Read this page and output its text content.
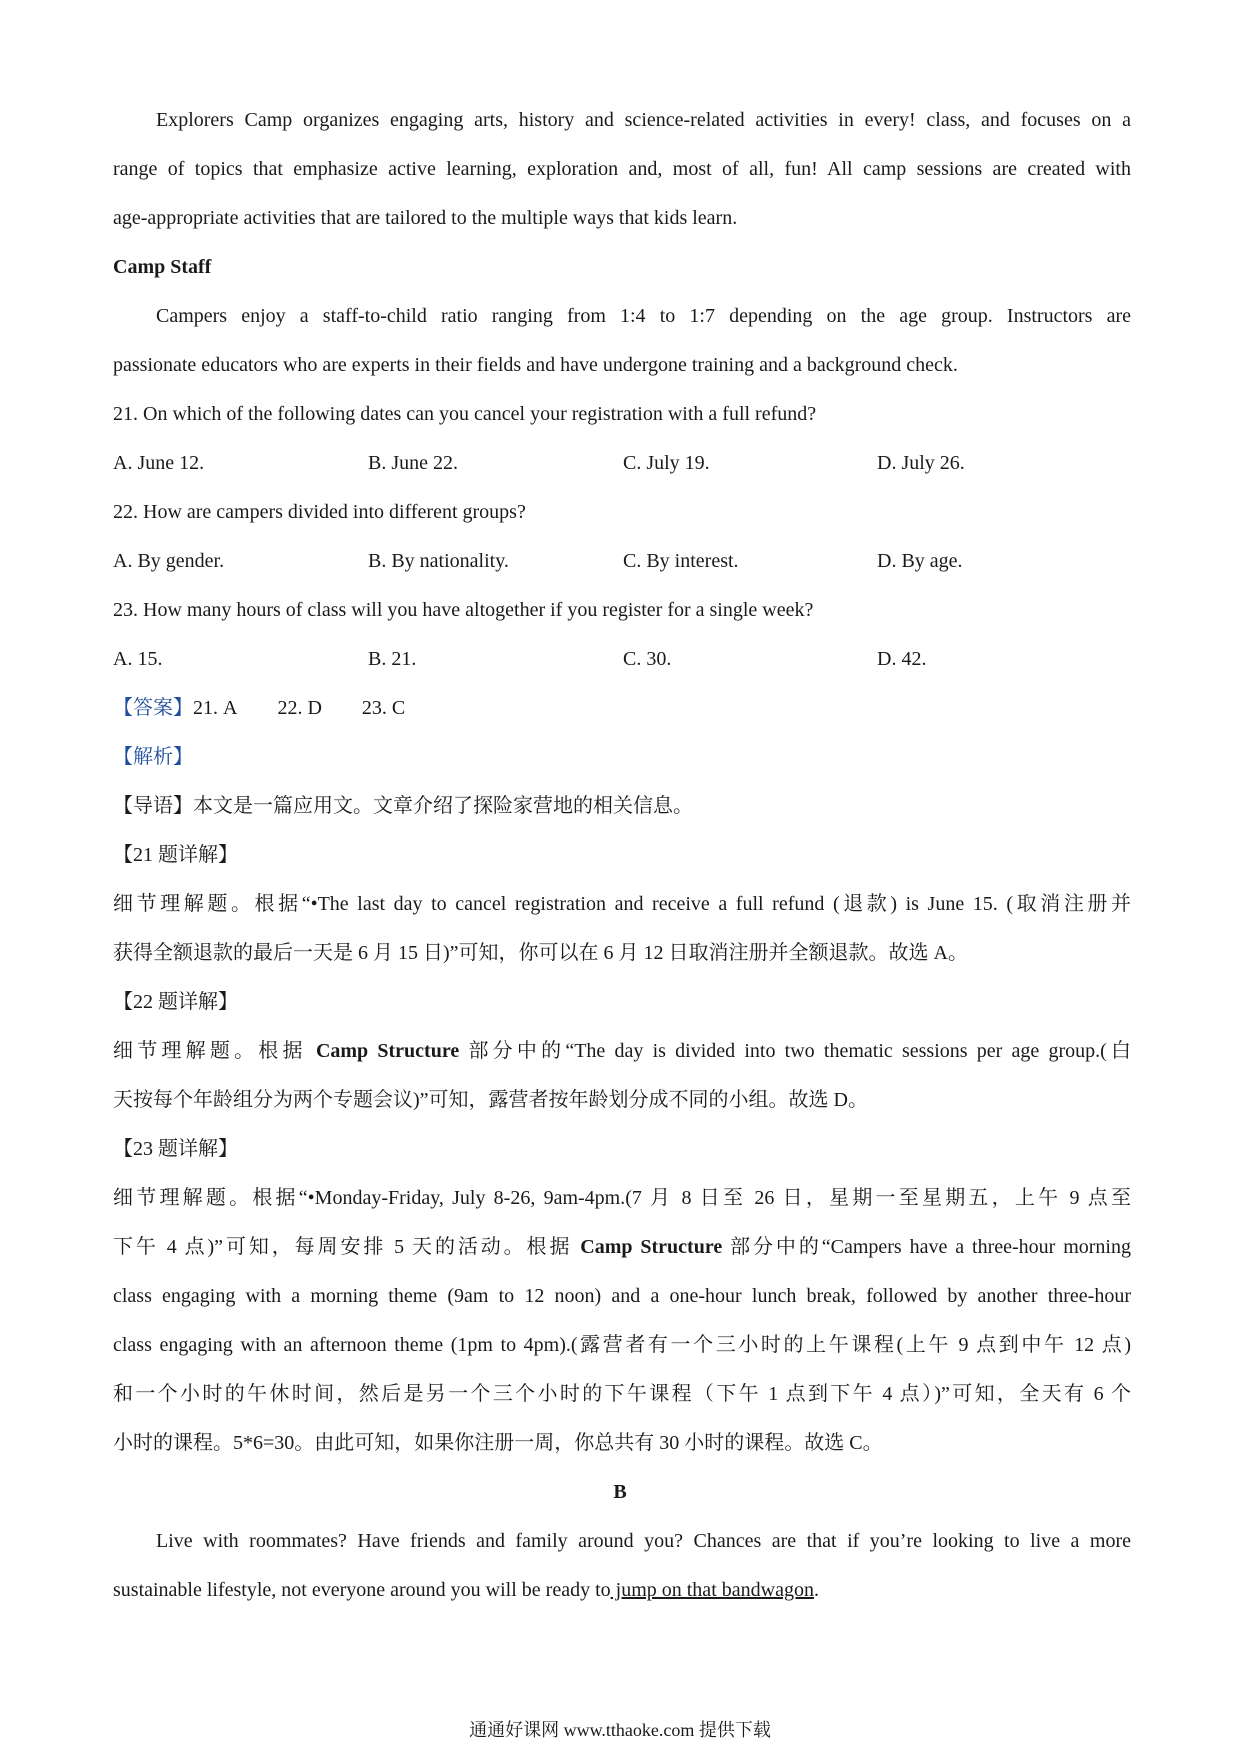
Explorers Camp organizes engaging arts, history and science-related activities in every! class, and focuses on a
range of topics that emphasize active learning, exploration and, most of all, fun! All camp sessions are created with
age-appropriate activities that are tailored to the multiple ways that kids learn.
Camp Staff
Campers enjoy a staff-to-child ratio ranging from 1:4 to 1:7 depending on the age group. Instructors are
passionate educators who are experts in their fields and have undergone training and a background check.
21. On which of the following dates can you cancel your registration with a full refund?
A. June 12.	B. June 22.	C. July 19.	D. July 26.
22. How are campers divided into different groups?
A. By gender.	B. By nationality.	C. By interest.	D. By age.
23. How many hours of class will you have altogether if you register for a single week?
A. 15.	B. 21.	C. 30.	D. 42.
【答案】21. A 22. D 23. C
【解析】
【导语】本文是一篇应用文。文章介绍了探险家营地的相关信息。
【21 题详解】
细节理解题。根据“•The last day to cancel registration and receive a full refund (退款) is June 15. (取消注册并
获得全额退款的最后一天是 6 月 15 日)”可知，你可以在 6 月 12 日取消注册并全额退款。故选 A。
【22 题详解】
细节理解题。根据 Camp Structure 部分中的“The day is divided into two thematic sessions per age group.(白
天按每个年龄组分为两个专题会议)”可知，露营者按年龄划分成不同的小组。故选 D。
【23 题详解】
细节理解题。根据“•Monday-Friday, July 8-26, 9am-4pm.(7 月 8 日至 26 日，星期一至星期五，上午 9 点至
下午 4 点)”可知，每周安排 5 天的活动。根据 Camp Structure 部分中的“Campers have a three-hour morning
class engaging with a morning theme (9am to 12 noon) and a one-hour lunch break, followed by another three-hour
class engaging with an afternoon theme (1pm to 4pm).(露营者有一个三小时的上午课程(上午 9 点到中午 12 点)
和一个小时的午休时间，然后是另一个三个小时的下午课程（下午 1 点到下午 4 点）)”可知，全天有 6 个
小时的课程。5*6=30。由此可知，如果你注册一周，你总共有 30 小时的课程。故选 C。
B
Live with roommates? Have friends and family around you? Chances are that if you’re looking to live a more
sustainable lifestyle, not everyone around you will be ready to jump on that bandwagon.
通通好课网 www.tthaoke.com 提供下载
